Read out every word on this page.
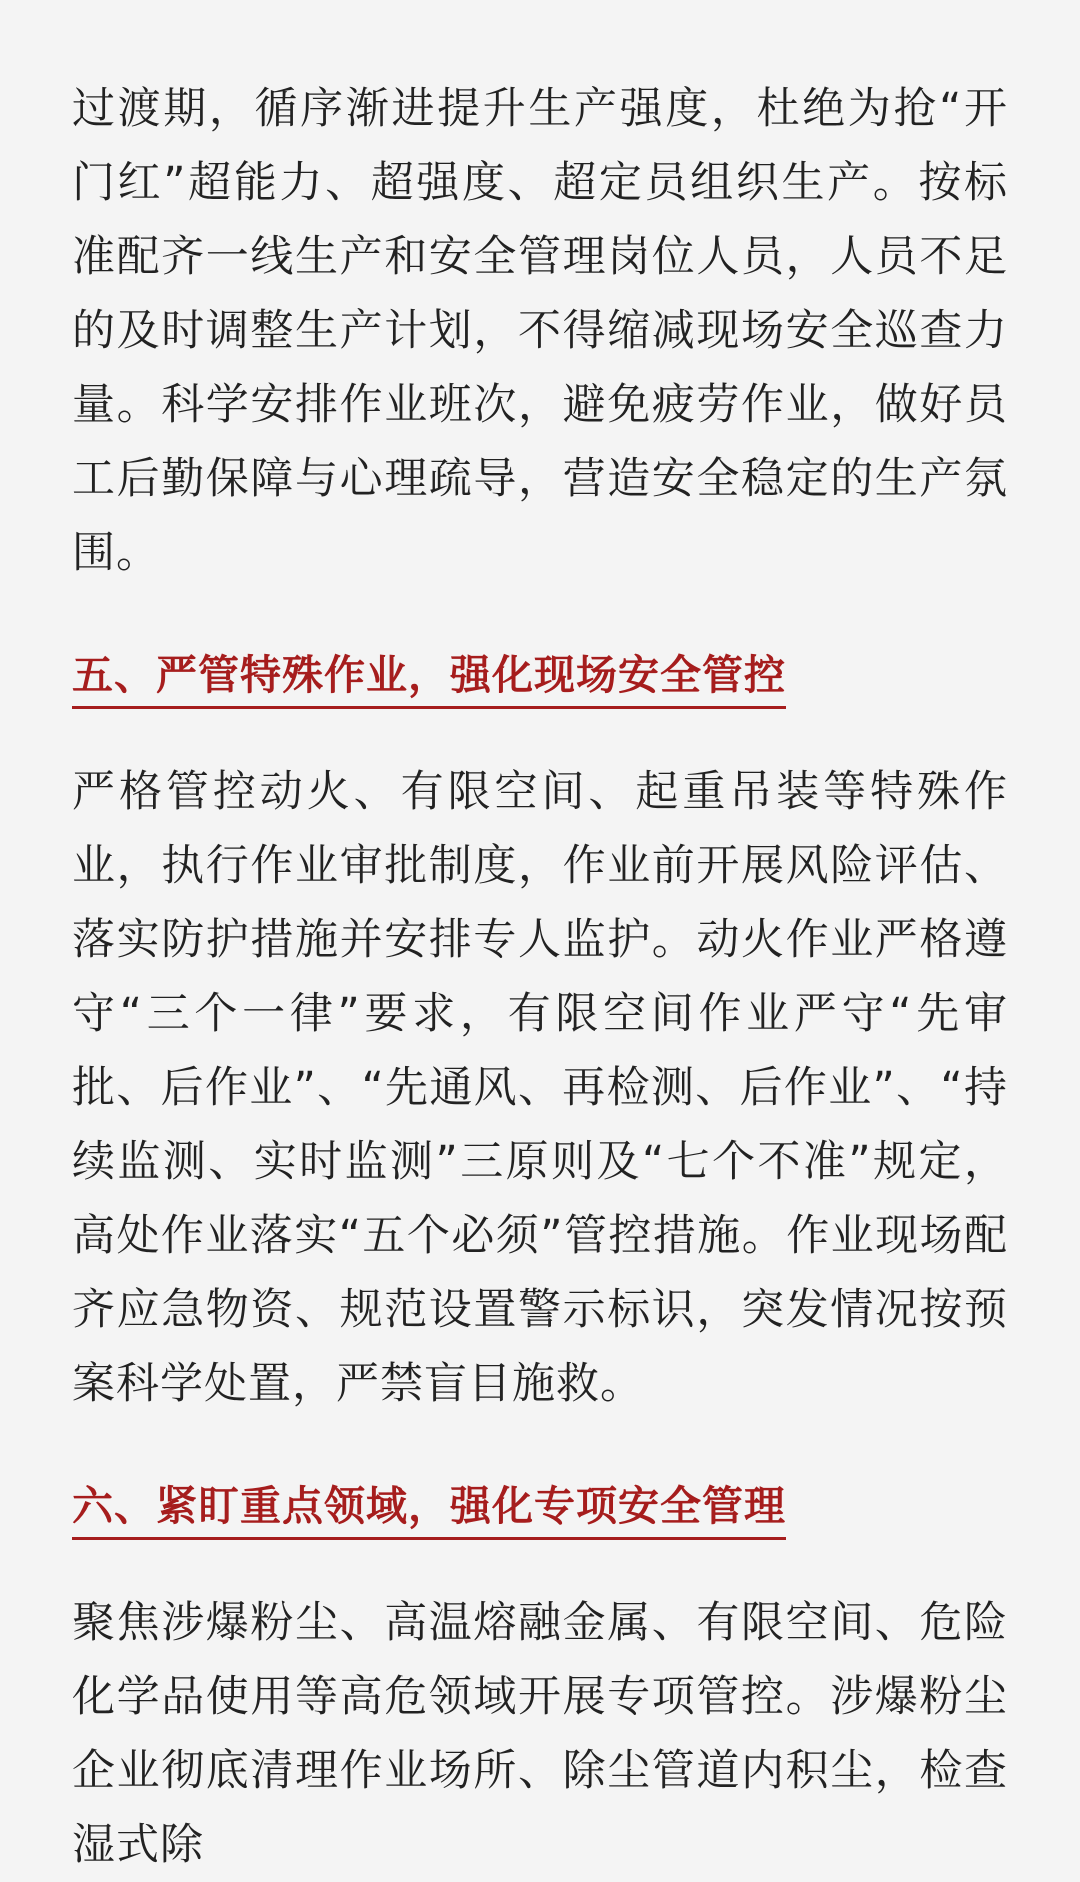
过渡期，循序渐进提升生产强度，杜绝为抢“开门红”超能力、超强度、超定员组织生产。按标准配齐一线生产和安全管理岗位人员，人员不足的及时调整生产计划，不得缩减现场安全巡查力量。科学安排作业班次，避免疲劳作业，做好员工后勤保障与心理疏导，营造安全稳定的生产氛围。

五、严管特殊作业，强化现场安全管控

严格管控动火、有限空间、起重吊装等特殊作业，执行作业审批制度，作业前开展风险评估、落实防护措施并安排专人监护。动火作业严格遵守“三个一律”要求，有限空间作业严守“先审批、后作业”、“先通风、再检测、后作业”、“持续监测、实时监测”三原则及“七个不准”规定，高处作业落实“五个必须”管控措施。作业现场配齐应急物资、规范设置警示标识，突发情况按预案科学处置，严禁盲目施救。

六、紧盯重点领域，强化专项安全管理

聚焦涉爆粉尘、高温熔融金属、有限空间、危险化学品使用等高危领域开展专项管控。涉爆粉尘企业彻底清理作业场所、除尘管道内积尘，检查湿式除
